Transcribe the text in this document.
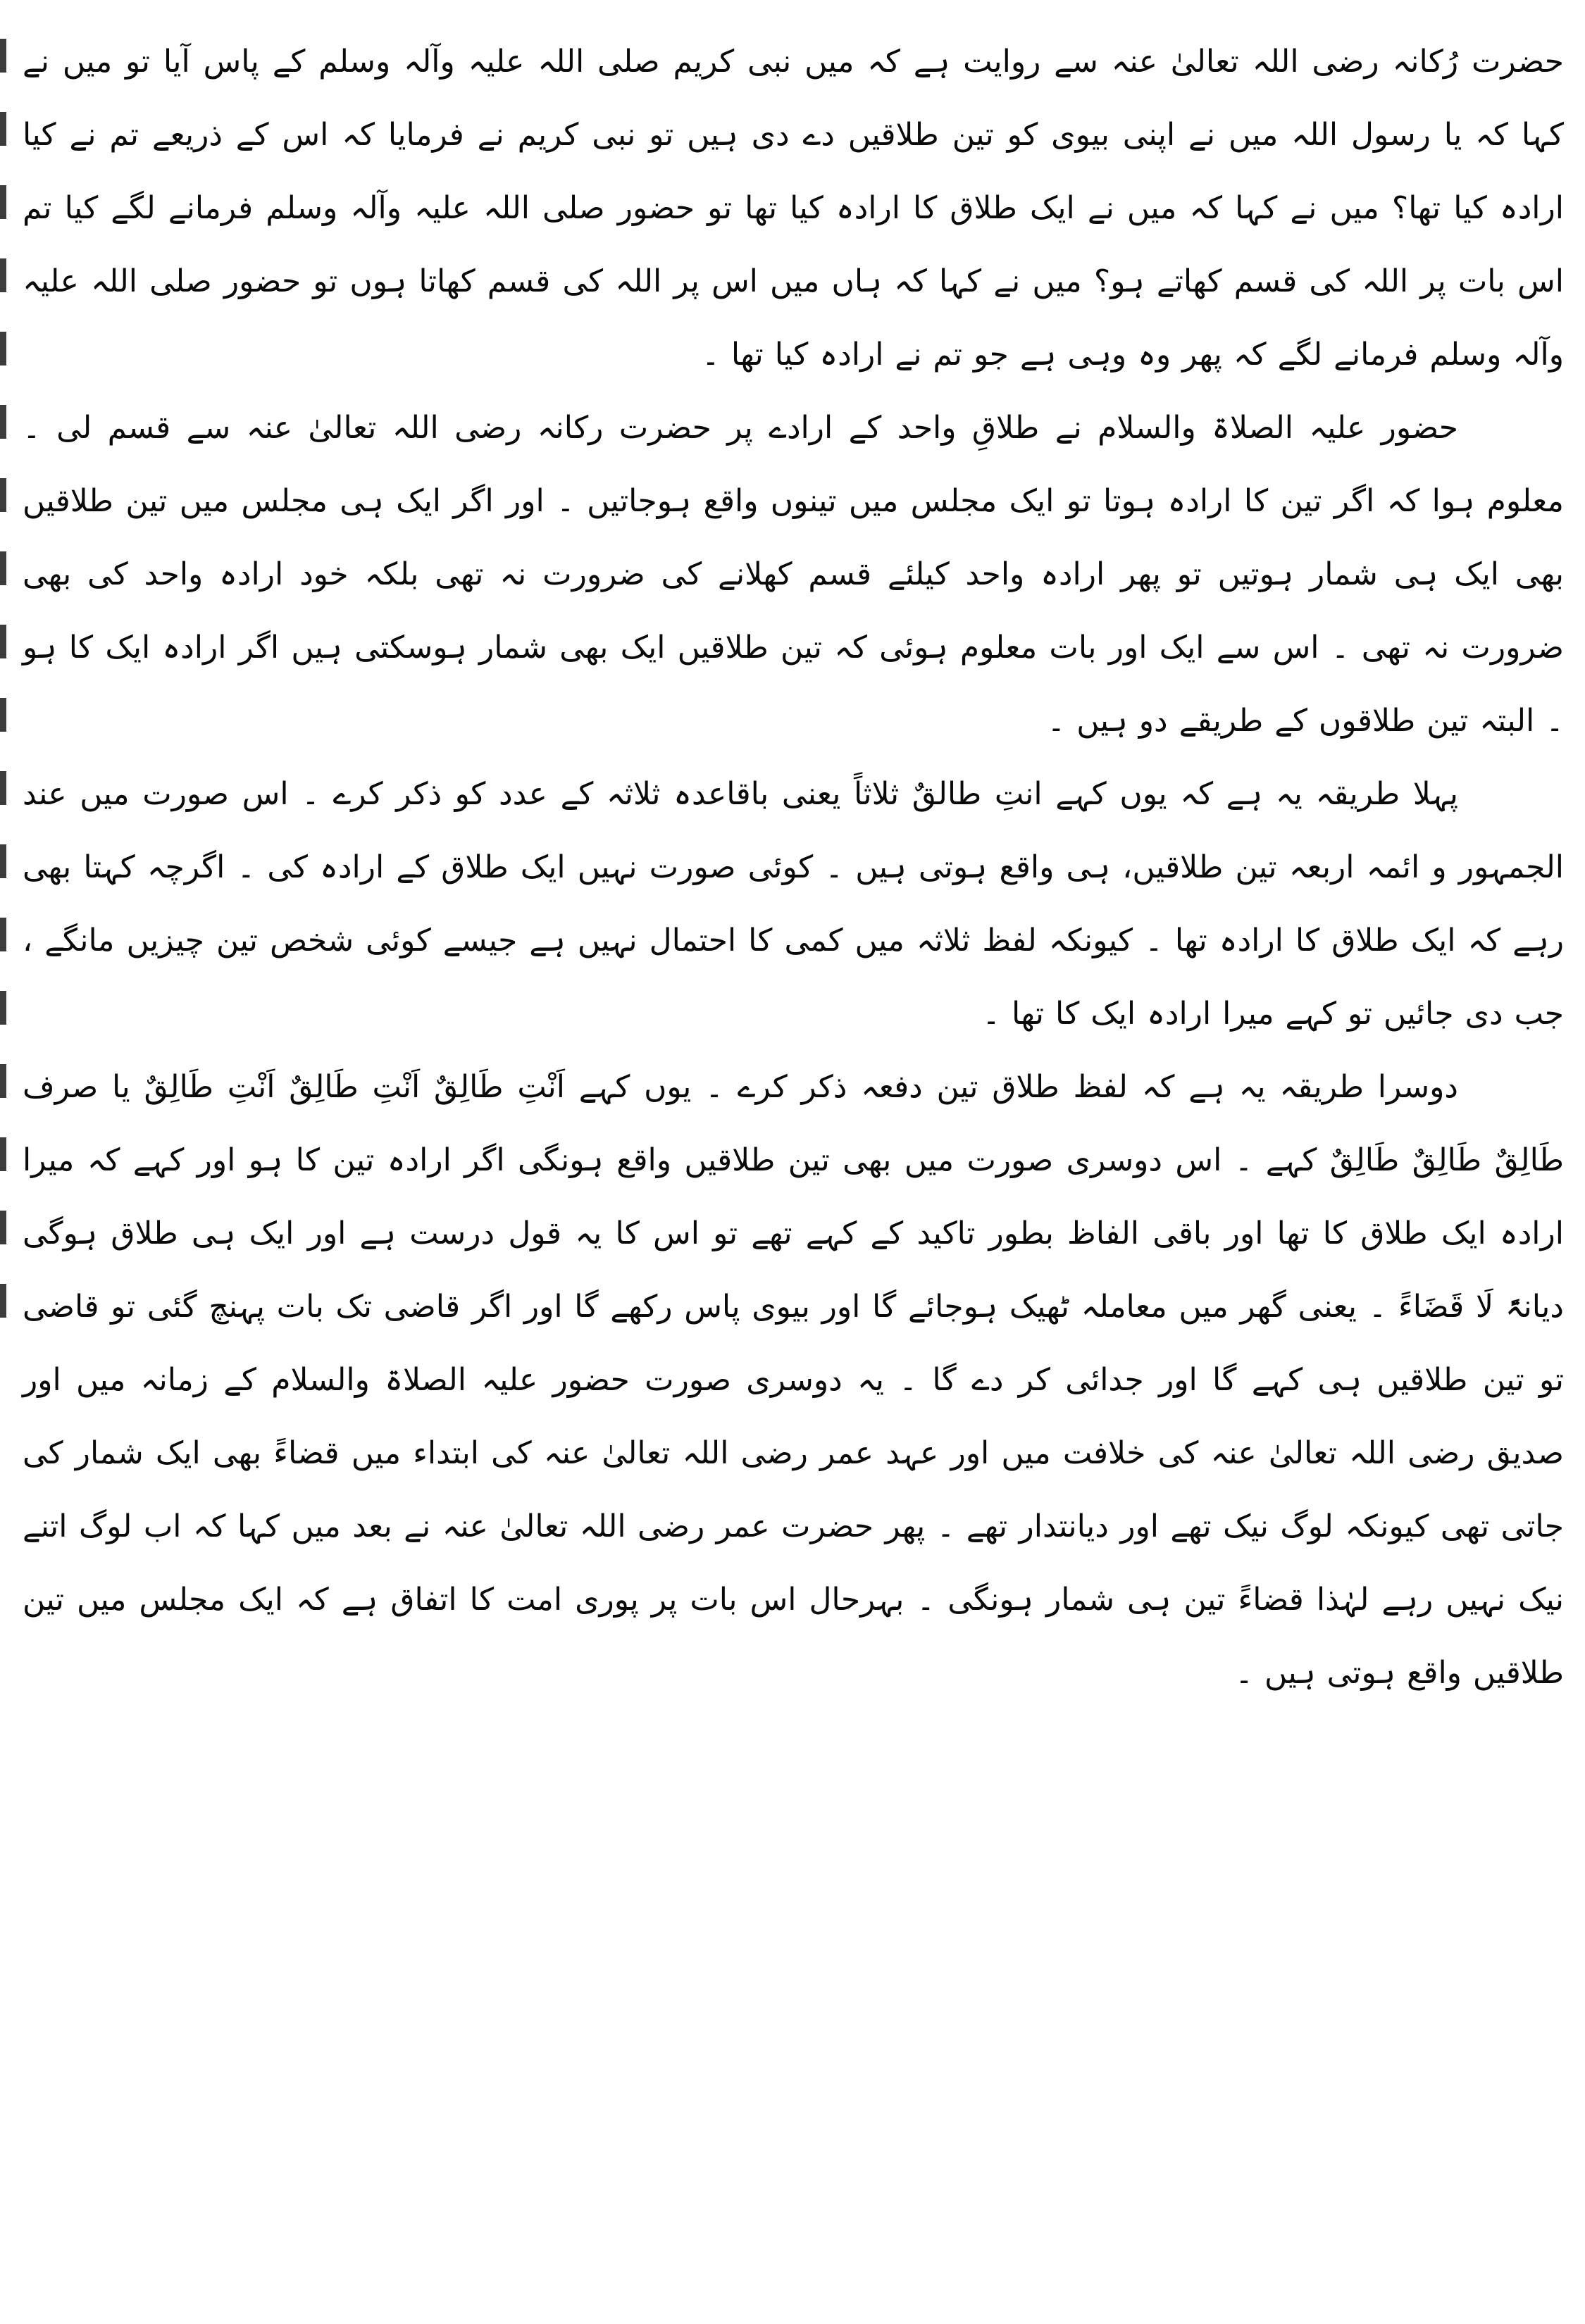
حضرت رُکانہ رضی اللہ تعالیٰ عنہ سے روایت ہے کہ میں نبی کریم صلی اللہ علیہ وآلہ وسلم کے پاس آیا تو میں نے کہا کہ یا رسول اللہ میں نے اپنی بیوی کو تین طلاقیں دے دی ہیں تو نبی کریم نے فرمایا کہ اس کے ذریعے تم نے کیا ارادہ کیا تھا؟ میں نے کہا کہ میں نے ایک طلاق کا ارادہ کیا تھا تو حضور صلی اللہ علیہ وآلہ وسلم فرمانے لگے کیا تم اس بات پر اللہ کی قسم کھاتے ہو؟ میں نے کہا کہ ہاں میں اس پر اللہ کی قسم کھاتا ہوں تو حضور صلی اللہ علیہ وآلہ وسلم فرمانے لگے کہ پھر وہ وہی ہے جو تم نے ارادہ کیا تھا ۔

حضور علیہ الصلاۃ والسلام نے طلاقِ واحد کے ارادے پر حضرت رکانہ رضی اللہ تعالیٰ عنہ سے قسم لی ۔ معلوم ہوا کہ اگر تین کا ارادہ ہوتا تو ایک مجلس میں تینوں واقع ہوجاتیں ۔ اور اگر ایک ہی مجلس میں تین طلاقیں بھی ایک ہی شمار ہوتیں تو پھر ارادہ واحد کیلئے قسم کھلانے کی ضرورت نہ تھی بلکہ خود ارادہ واحد کی بھی ضرورت نہ تھی ۔ اس سے ایک اور بات معلوم ہوئی کہ تین طلاقیں ایک بھی شمار ہوسکتی ہیں اگر ارادہ ایک کا ہو ۔ البتہ تین طلاقوں کے طریقے دو ہیں ۔

پہلا طریقہ یہ ہے کہ یوں کہے انتِ طالقٌ ثلاثاً یعنی باقاعدہ ثلاثہ کے عدد کو ذکر کرے ۔ اس صورت میں عند الجمہور و ائمہ اربعہ تین طلاقیں، ہی واقع ہوتی ہیں ۔ کوئی صورت نہیں ایک طلاق کے ارادہ کی ۔ اگرچہ کہتا بھی رہے کہ ایک طلاق کا ارادہ تھا ۔ کیونکہ لفظ ثلاثہ میں کمی کا احتمال نہیں ہے جیسے کوئی شخص تین چیزیں مانگے ، جب دی جائیں تو کہے میرا ارادہ ایک کا تھا ۔

دوسرا طریقہ یہ ہے کہ لفظ طلاق تین دفعہ ذکر کرے ۔ یوں کہے اَنْتِ طَالِقٌ اَنْتِ طَالِقٌ اَنْتِ طَالِقٌ یا صرف طَالِقٌ طَالِقٌ طَالِقٌ کہے ۔ اس دوسری صورت میں بھی تین طلاقیں واقع ہونگی اگر ارادہ تین کا ہو اور کہے کہ میرا ارادہ ایک طلاق کا تھا اور باقی الفاظ بطور تاکید کے کہے تھے تو اس کا یہ قول درست ہے اور ایک ہی طلاق ہوگی دیانۃً لَا قَضَاءً ۔ یعنی گھر میں معاملہ ٹھیک ہوجائے گا اور بیوی پاس رکھے گا اور اگر قاضی تک بات پہنچ گئی تو قاضی تو تین طلاقیں ہی کہے گا اور جدائی کر دے گا ۔ یہ دوسری صورت حضور علیہ الصلاۃ والسلام کے زمانہ میں اور صدیق رضی اللہ تعالیٰ عنہ کی خلافت میں اور عہد عمر رضی اللہ تعالیٰ عنہ کی ابتداء میں قضاءً بھی ایک شمار کی جاتی تھی کیونکہ لوگ نیک تھے اور دیانتدار تھے ۔ پھر حضرت عمر رضی اللہ تعالیٰ عنہ نے بعد میں کہا کہ اب لوگ اتنے نیک نہیں رہے لہٰذا قضاءً تین ہی شمار ہونگی ۔ بہرحال اس بات پر پوری امت کا اتفاق ہے کہ ایک مجلس میں تین طلاقیں واقع ہوتی ہیں ۔
